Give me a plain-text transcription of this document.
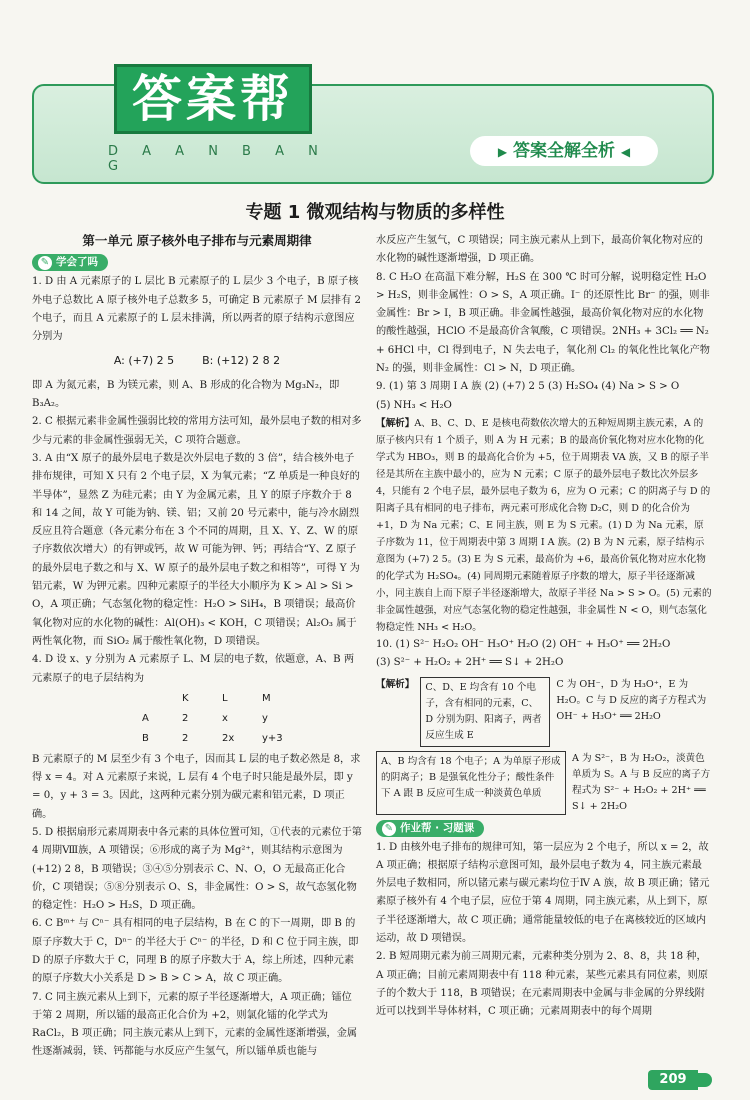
答案帮
D A A N B A N G
▶ 答案全解全析 ◀
专题 1 微观结构与物质的多样性

第一单元 原子核外电子排布与元素周期律

✎ 学会了吗

1. D 由 A 元素原子的 L 层比 B 元素原子的 L 层少 3 个电子，B 原子核外电子总数比 A 原子核外电子总数多 5，可确定 B 元素原子 M 层排有 2 个电子，而且 A 元素原子的 L 层未排满，所以两者的原子结构示意图应分别为

A: (+7) 2 5	B: (+12) 2 8 2

即 A 为氮元素，B 为镁元素，则 A、B 形成的化合物为 Mg₃N₂，即 B₃A₂。

2. C 根据元素非金属性强弱比较的常用方法可知，最外层电子数的相对多少与元素的非金属性强弱无关，C 项符合题意。

3. A 由“X 原子的最外层电子数是次外层电子数的 3 倍”，结合核外电子排布规律，可知 X 只有 2 个电子层，X 为氧元素；“Z 单质是一种良好的半导体”，显然 Z 为硅元素；由 Y 为金属元素，且 Y 的原子序数介于 8 和 14 之间，故 Y 可能为钠、镁、铝；又前 20 号元素中，能与冷水剧烈反应且符合题意（各元素分布在 3 个不同的周期，且 X、Y、Z、W 的原子序数依次增大）的有钾或钙，故 W 可能为钾、钙；再结合“Y、Z 原子的最外层电子数之和与 X、W 原子的最外层电子数之和相等”，可得 Y 为铝元素，W 为钾元素。四种元素原子的半径大小顺序为 K > Al > Si > O，A 项正确；气态氢化物的稳定性：H₂O > SiH₄，B 项错误；最高价氧化物对应的水化物的碱性：Al(OH)₃ < KOH，C 项错误；Al₂O₃ 属于两性氧化物，而 SiO₂ 属于酸性氧化物，D 项错误。

4. D 设 x、y 分别为 A 元素原子 L、M 层的电子数，依题意，A、B 两元素原子的电子层结构为

K	L	M

A	2	x	y

B	2	2x	y+3

B 元素原子的 M 层至少有 3 个电子，因而其 L 层的电子数必然是 8，求得 x = 4。对 A 元素原子来说，L 层有 4 个电子时只能是最外层，即 y = 0，y + 3 = 3。因此，这两种元素分别为碳元素和铝元素，D 项正确。

5. D 根据扇形元素周期表中各元素的具体位置可知，①代表的元素位于第 4 周期Ⅷ族，A 项错误；⑥形成的离子为 Mg²⁺，则其结构示意图为 (+12) 2 8，B 项错误；③④⑤分别表示 C、N、O，O 无最高正化合价，C 项错误；⑤⑧分别表示 O、S，非金属性：O > S，故气态氢化物的稳定性：H₂O > H₂S，D 项正确。

6. C Bᵐ⁺ 与 Cⁿ⁻ 具有相同的电子层结构，B 在 C 的下一周期，即 B 的原子序数大于 C，Dⁿ⁻ 的半径大于 Cⁿ⁻ 的半径，D 和 C 位于同主族，即 D 的原子序数大于 C，同理 B 的原子序数大于 A，综上所述，四种元素的原子序数大小关系是 D > B > C > A，故 C 项正确。

7. C 同主族元素从上到下，元素的原子半径逐渐增大，A 项正确；镭位于第 2 周期，所以镭的最高正化合价为 +2，则氯化镭的化学式为 RaCl₂，B 项正确；同主族元素从上到下，元素的金属性逐渐增强，金属性逐渐减弱，镁、钙都能与水反应产生氢气，所以镭单质也能与

水反应产生氢气，C 项错误；同主族元素从上到下，最高价氧化物对应的水化物的碱性逐渐增强，D 项正确。

8. C H₂O 在高温下难分解，H₂S 在 300 ℃ 时可分解，说明稳定性 H₂O > H₂S，则非金属性：O > S，A 项正确。I⁻ 的还原性比 Br⁻ 的强，则非金属性：Br > I，B 项正确。非金属性越强，最高价氧化物对应的水化物的酸性越强，HClO 不是最高价含氧酸，C 项错误。2NH₃ + 3Cl₂ ══ N₂ + 6HCl 中，Cl 得到电子，N 失去电子，氧化剂 Cl₂ 的氧化性比氧化产物 N₂ 的强，则非金属性：Cl > N，D 项正确。

9. (1) 第 3 周期 Ⅰ A 族 (2) (+7) 2 5 (3) H₂SO₄ (4) Na > S > O

(5) NH₃ < H₂O

【解析】A、B、C、D、E 是核电荷数依次增大的五种短周期主族元素，A 的原子核内只有 1 个质子，则 A 为 H 元素；B 的最高价氧化物对应水化物的化学式为 HBO₃，则 B 的最高化合价为 +5，位于周期表 VA 族，又 B 的原子半径是其所在主族中最小的，应为 N 元素；C 原子的最外层电子数比次外层多 4，只能有 2 个电子层，最外层电子数为 6，应为 O 元素；C 的阴离子与 D 的阳离子具有相同的电子排布，两元素可形成化合物 D₂C，则 D 的化合价为 +1，D 为 Na 元素；C、E 同主族，则 E 为 S 元素。(1) D 为 Na 元素，原子序数为 11，位于周期表中第 3 周期 Ⅰ A 族。(2) B 为 N 元素，原子结构示意图为 (+7) 2 5。(3) E 为 S 元素，最高价为 +6，最高价氧化物对应水化物的化学式为 H₂SO₄。(4) 同周期元素随着原子序数的增大，原子半径逐渐减小，同主族自上而下原子半径逐渐增大，故原子半径 Na > S > O。(5) 元素的非金属性越强，对应气态氢化物的稳定性越强，非金属性 N < O，则气态氢化物稳定性 NH₃ < H₂O。

10. (1) S²⁻ H₂O₂ OH⁻ H₃O⁺ H₂O (2) OH⁻ + H₃O⁺ ══ 2H₂O

(3) S²⁻ + H₂O₂ + 2H⁺ ══ S↓ + 2H₂O

【解析】	C、D、E 均含有 10 个电子，含有相同的元素，C、D 分别为阴、阳离子，两者反应生成 E
C 为 OH⁻，D 为 H₃O⁺，E 为 H₂O。C 与 D 反应的离子方程式为 OH⁻ + H₃O⁺ ══ 2H₂O
A、B 均含有 18 个电子；A 为单原子形成的阴离子；B 是强氧化性分子；酸性条件下 A 跟 B 反应可生成一种淡黄色单质
A 为 S²⁻，B 为 H₂O₂，淡黄色单质为 S。A 与 B 反应的离子方程式为 S²⁻ + H₂O₂ + 2H⁺ ══ S↓ + 2H₂O

✎ 作业帮 · 习题课

1. D 由核外电子排布的规律可知，第一层应为 2 个电子，所以 x = 2，故 A 项正确；根据原子结构示意图可知，最外层电子数为 4，同主族元素最外层电子数相同，所以锗元素与碳元素均位于Ⅳ A 族，故 B 项正确；锗元素原子核外有 4 个电子层，应位于第 4 周期，同主族元素，从上到下，原子半径逐渐增大，故 C 项正确；通常能量较低的电子在离核较近的区域内运动，故 D 项错误。

2. B 短周期元素为前三周期元素，元素种类分别为 2、8、8，共 18 种，A 项正确；目前元素周期表中有 118 种元素，某些元素具有同位素，则原子的个数大于 118，B 项错误；在元素周期表中金属与非金属的分界线附近可以找到半导体材料，C 项正确；元素周期表中的每个周期

209
